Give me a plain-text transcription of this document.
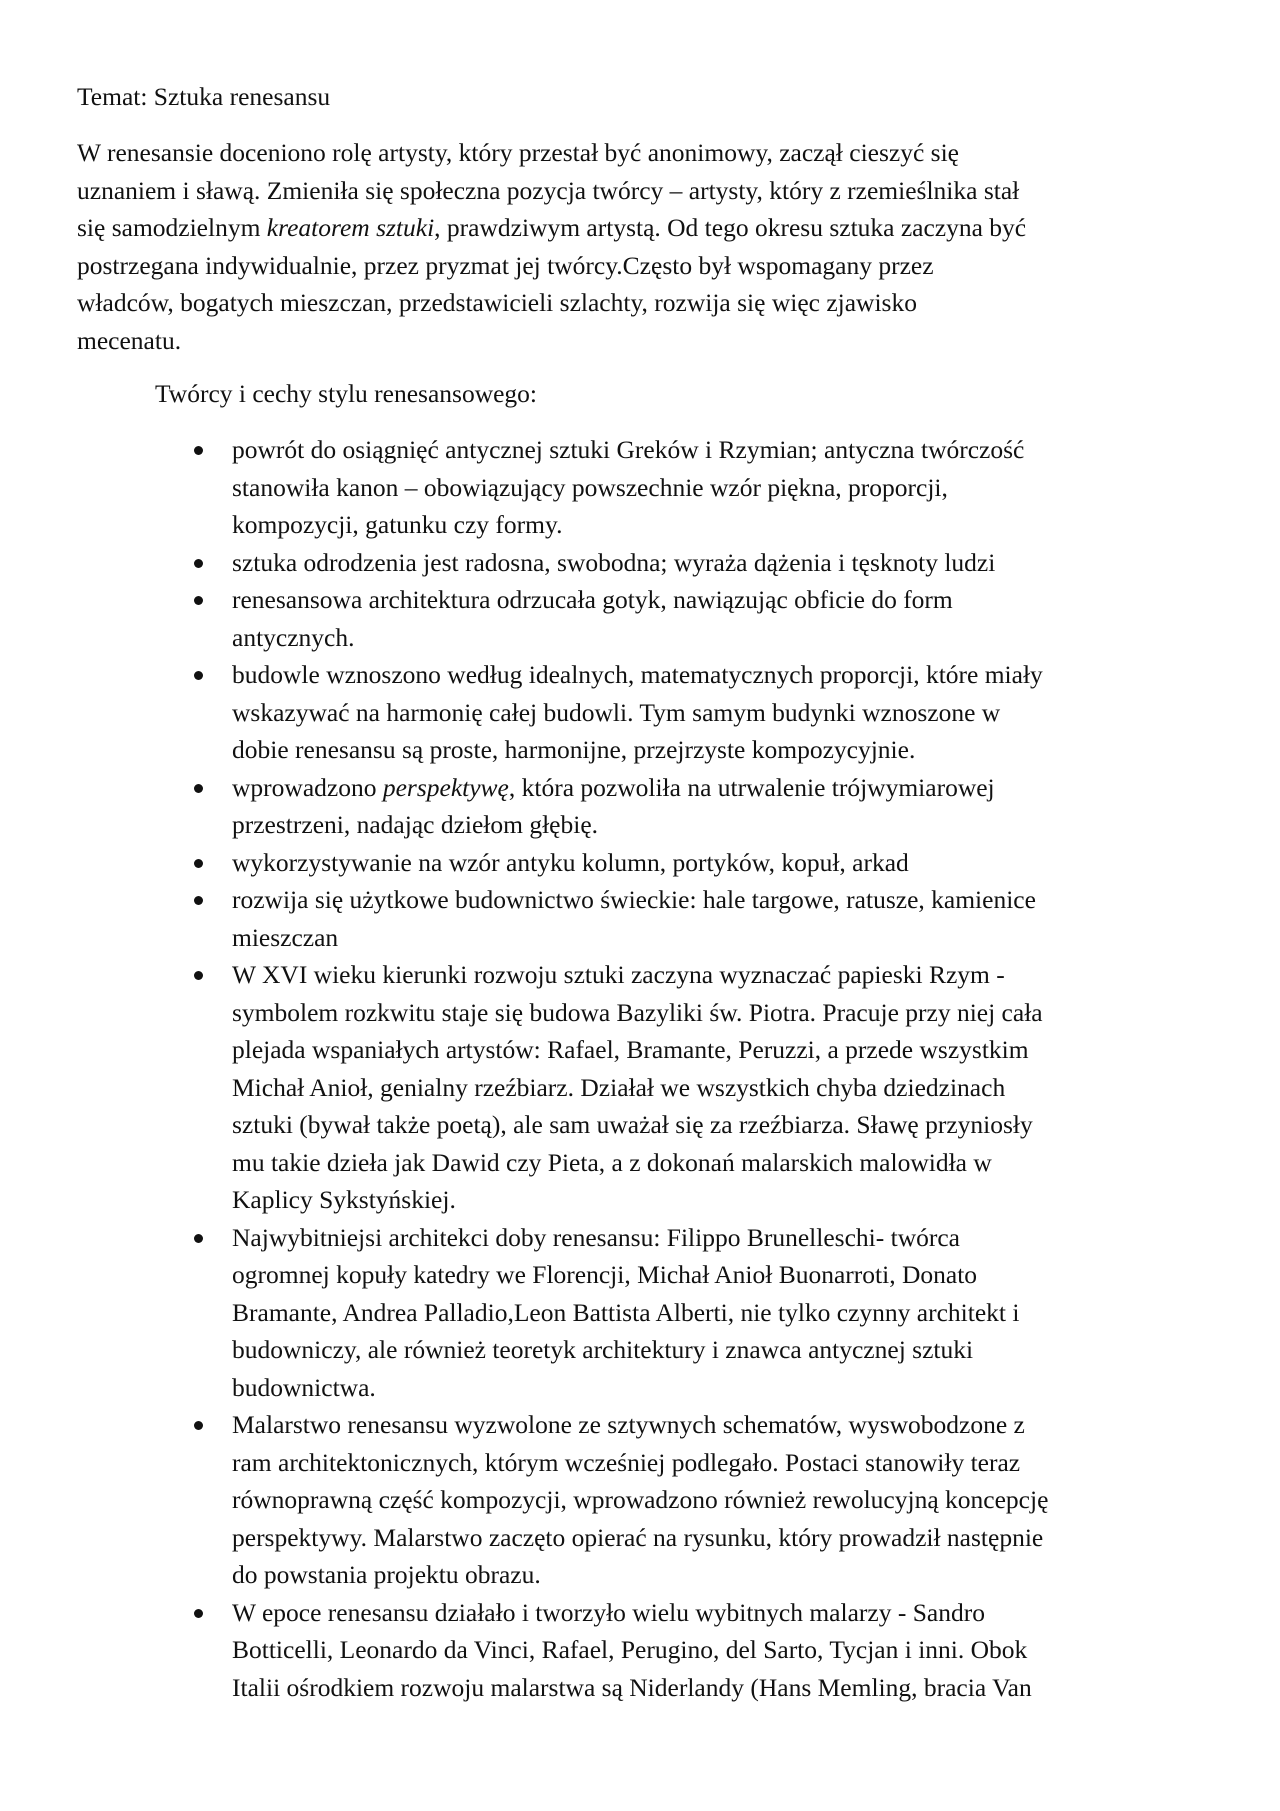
Temat: Sztuka renesansu

W renesansie doceniono rolę artysty, który przestał być anonimowy, zaczął cieszyć się
uznaniem i sławą. Zmieniła się społeczna pozycja twórcy – artysty, który z rzemieślnika stał
się samodzielnym kreatorem sztuki, prawdziwym artystą. Od tego okresu sztuka zaczyna być
postrzegana indywidualnie, przez pryzmat jej twórcy.Często był wspomagany przez
władców, bogatych mieszczan, przedstawicieli szlachty, rozwija się więc zjawisko
mecenatu.

Twórcy i cechy stylu renesansowego:

powrót do osiągnięć antycznej sztuki Greków i Rzymian; antyczna twórczość
stanowiła kanon – obowiązujący powszechnie wzór piękna, proporcji,
kompozycji, gatunku czy formy.
sztuka odrodzenia jest radosna, swobodna; wyraża dążenia i tęsknoty ludzi
renesansowa architektura odrzucała gotyk, nawiązując obficie do form
antycznych.
budowle wznoszono według idealnych, matematycznych proporcji, które miały
wskazywać na harmonię całej budowli. Tym samym budynki wznoszone w
dobie renesansu są proste, harmonijne, przejrzyste kompozycyjnie.
wprowadzono perspektywę, która pozwoliła na utrwalenie trójwymiarowej
przestrzeni, nadając dziełom głębię.
wykorzystywanie na wzór antyku kolumn, portyków, kopuł, arkad
rozwija się użytkowe budownictwo świeckie: hale targowe, ratusze, kamienice
mieszczan
W XVI wieku kierunki rozwoju sztuki zaczyna wyznaczać papieski Rzym -
symbolem rozkwitu staje się budowa Bazyliki św. Piotra. Pracuje przy niej cała
plejada wspaniałych artystów: Rafael, Bramante, Peruzzi, a przede wszystkim
Michał Anioł, genialny rzeźbiarz. Działał we wszystkich chyba dziedzinach
sztuki (bywał także poetą), ale sam uważał się za rzeźbiarza. Sławę przyniosły
mu takie dzieła jak Dawid czy Pieta, a z dokonań malarskich malowidła w
Kaplicy Sykstyńskiej.
Najwybitniejsi architekci doby renesansu: Filippo Brunelleschi- twórca
ogromnej kopuły katedry we Florencji, Michał Anioł Buonarroti, Donato
Bramante, Andrea Palladio,Leon Battista Alberti, nie tylko czynny architekt i
budowniczy, ale również teoretyk architektury i znawca antycznej sztuki
budownictwa.
Malarstwo renesansu wyzwolone ze sztywnych schematów, wyswobodzone z
ram architektonicznych, którym wcześniej podlegało. Postaci stanowiły teraz
równoprawną część kompozycji, wprowadzono również rewolucyjną koncepcję
perspektywy. Malarstwo zaczęto opierać na rysunku, który prowadził następnie
do powstania projektu obrazu.
W epoce renesansu działało i tworzyło wielu wybitnych malarzy - Sandro
Botticelli, Leonardo da Vinci, Rafael, Perugino, del Sarto, Tycjan i inni. Obok
Italii ośrodkiem rozwoju malarstwa są Niderlandy (Hans Memling, bracia Van
